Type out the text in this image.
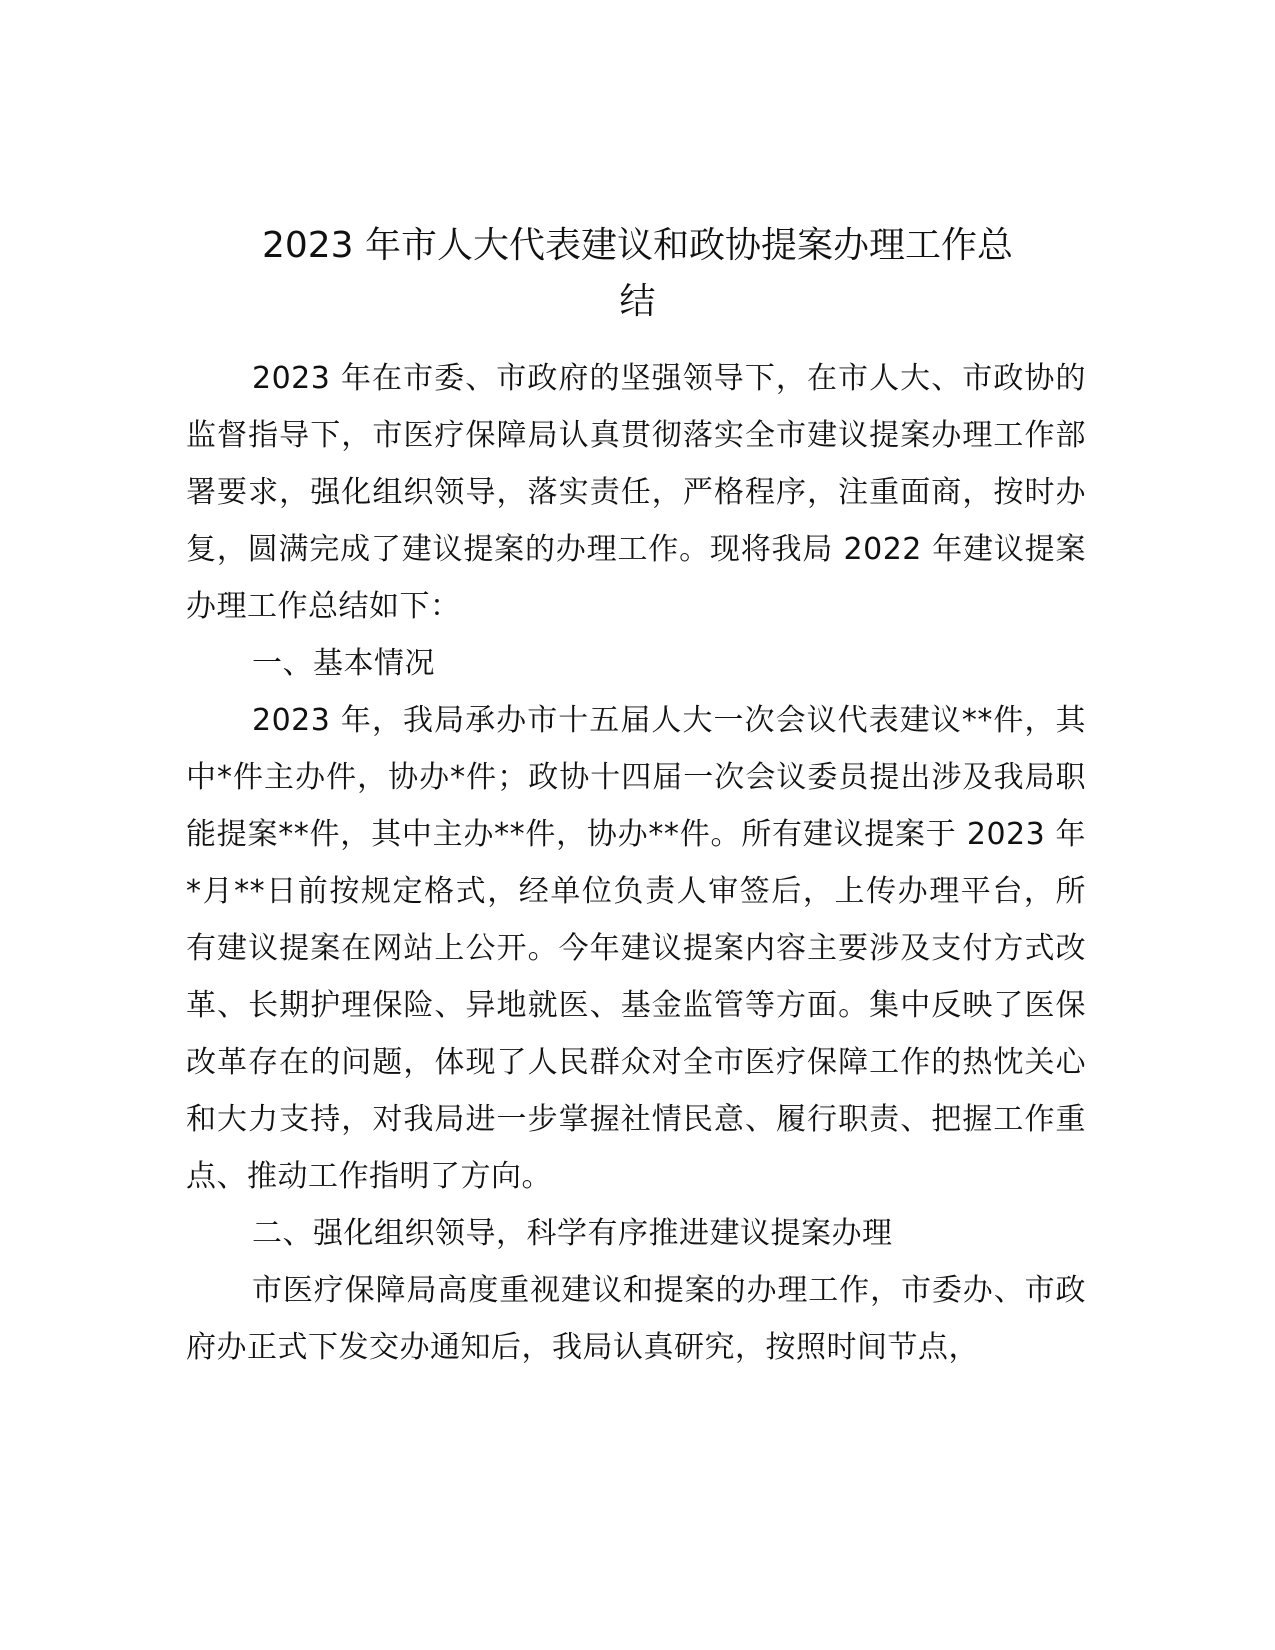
2023 年市人大代表建议和政协提案办理工作总
结

2023 年在市委、市政府的坚强领导下，在市人大、市政协的监督指导下，市医疗保障局认真贯彻落实全市建议提案办理工作部署要求，强化组织领导，落实责任，严格程序，注重面商，按时办复，圆满完成了建议提案的办理工作。现将我局 2022 年建议提案办理工作总结如下：

一、基本情况

2023 年，我局承办市十五届人大一次会议代表建议**件，其中*件主办件，协办*件；政协十四届一次会议委员提出涉及我局职能提案**件，其中主办**件，协办**件。所有建议提案于 2023 年*月**日前按规定格式，经单位负责人审签后，上传办理平台，所有建议提案在网站上公开。今年建议提案内容主要涉及支付方式改革、长期护理保险、异地就医、基金监管等方面。集中反映了医保改革存在的问题，体现了人民群众对全市医疗保障工作的热忱关心和大力支持，对我局进一步掌握社情民意、履行职责、把握工作重点、推动工作指明了方向。

二、强化组织领导，科学有序推进建议提案办理

市医疗保障局高度重视建议和提案的办理工作，市委办、市政府办正式下发交办通知后，我局认真研究，按照时间节点，
